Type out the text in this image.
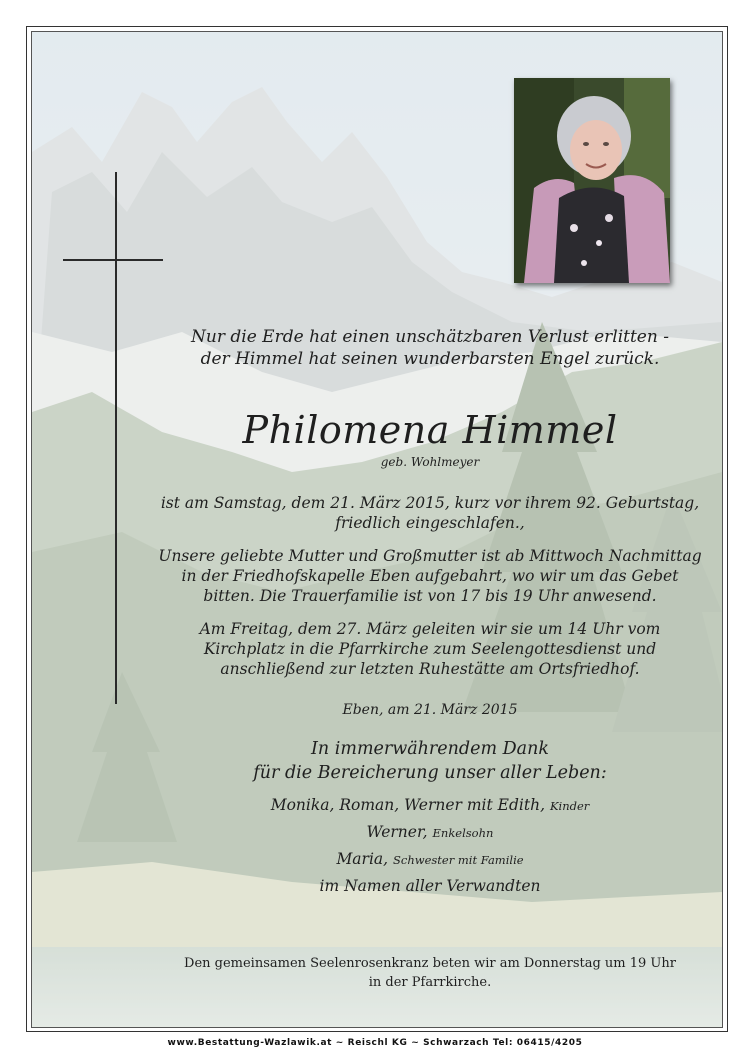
Nur die Erde hat einen unschätzbaren Verlust erlitten -
der Himmel hat seinen wunderbarsten Engel zurück.
Philomena Himmel
geb. Wohlmeyer
ist am Samstag, dem 21. März 2015, kurz vor ihrem 92. Geburtstag,
friedlich eingeschlafen.,
Unsere geliebte Mutter und Großmutter ist ab Mittwoch Nachmittag
in der Friedhofskapelle Eben aufgebahrt, wo wir um das Gebet
bitten. Die Trauerfamilie ist von 17 bis 19 Uhr anwesend.
Am Freitag, dem 27. März geleiten wir sie um 14 Uhr vom
Kirchplatz in die Pfarrkirche zum Seelengottesdienst und
anschließend zur letzten Ruhestätte am Ortsfriedhof.
Eben, am 21. März 2015
In immerwährendem Dank
für die Bereicherung unser aller Leben:
Monika, Roman, Werner mit Edith, Kinder
Werner, Enkelsohn
Maria, Schwester mit Familie
im Namen aller Verwandten
Den gemeinsamen Seelenrosenkranz beten wir am Donnerstag um 19 Uhr
in der Pfarrkirche.
www.Bestattung-Wazlawik.at ~ Reischl KG ~ Schwarzach Tel: 06415/4205
